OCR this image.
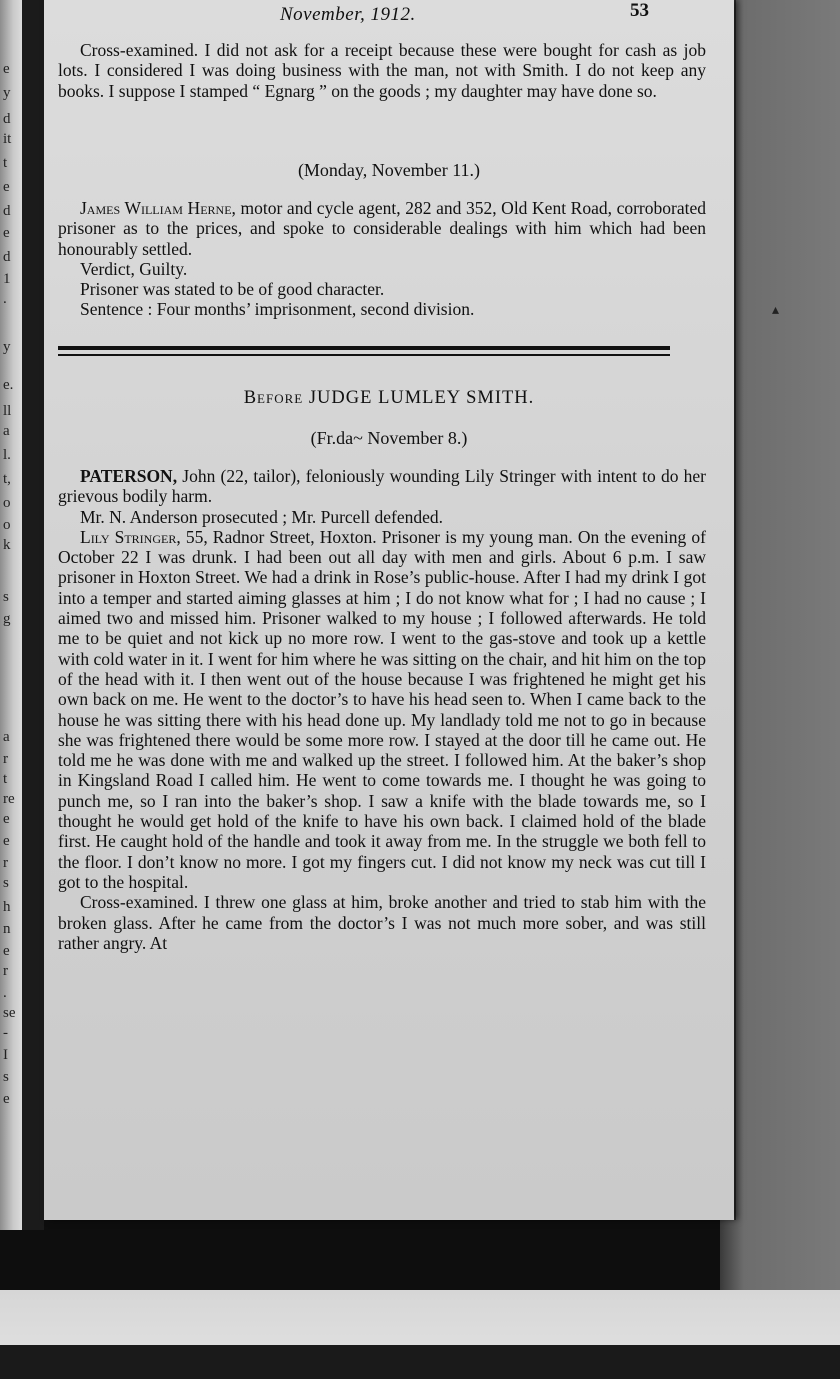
e
y
d
it
t
e
d
e
d
1
.
y
e.
ll
a
l.
t,
o
o
k
s
g
a
r
t
re
e
e
r
s
h
n
e
r
.
se
-
I
s
e
November, 1912.	53

Cross-examined. I did not ask for a receipt because these were bought for cash as job lots. I considered I was doing business with the man, not with Smith. I do not keep any books. I suppose I stamped “ Egnarg ” on the goods ; my daughter may have done so.

(Monday, November 11.)

James William Herne, motor and cycle agent, 282 and 352, Old Kent Road, corroborated prisoner as to the prices, and spoke to considerable dealings with him which had been honourably settled.

Verdict, Guilty.

Prisoner was stated to be of good character.

Sentence : Four months’ imprisonment, second division.

Before JUDGE LUMLEY SMITH.
(Fr.da~ November 8.)

PATERSON, John (22, tailor), feloniously wounding Lily Stringer with intent to do her grievous bodily harm.

Mr. N. Anderson prosecuted ; Mr. Purcell defended.

Lily Stringer, 55, Radnor Street, Hoxton. Prisoner is my young man. On the evening of October 22 I was drunk. I had been out all day with men and girls. About 6 p.m. I saw prisoner in Hoxton Street. We had a drink in Rose’s public-house. After I had my drink I got into a temper and started aiming glasses at him ; I do not know what for ; I had no cause ; I aimed two and missed him. Prisoner walked to my house ; I followed afterwards. He told me to be quiet and not kick up no more row. I went to the gas-stove and took up a kettle with cold water in it. I went for him where he was sitting on the chair, and hit him on the top of the head with it. I then went out of the house because I was frightened he might get his own back on me. He went to the doctor’s to have his head seen to. When I came back to the house he was sitting there with his head done up. My landlady told me not to go in because she was frightened there would be some more row. I stayed at the door till he came out. He told me he was done with me and walked up the street. I followed him. At the baker’s shop in Kingsland Road I called him. He went to come towards me. I thought he was going to punch me, so I ran into the baker’s shop. I saw a knife with the blade towards me, so I thought he would get hold of the knife to have his own back. I claimed hold of the blade first. He caught hold of the handle and took it away from me. In the struggle we both fell to the floor. I don’t know no more. I got my fingers cut. I did not know my neck was cut till I got to the hospital.

Cross-examined. I threw one glass at him, broke another and tried to stab him with the broken glass. After he came from the doctor’s I was not much more sober, and was still rather angry. At

▴
